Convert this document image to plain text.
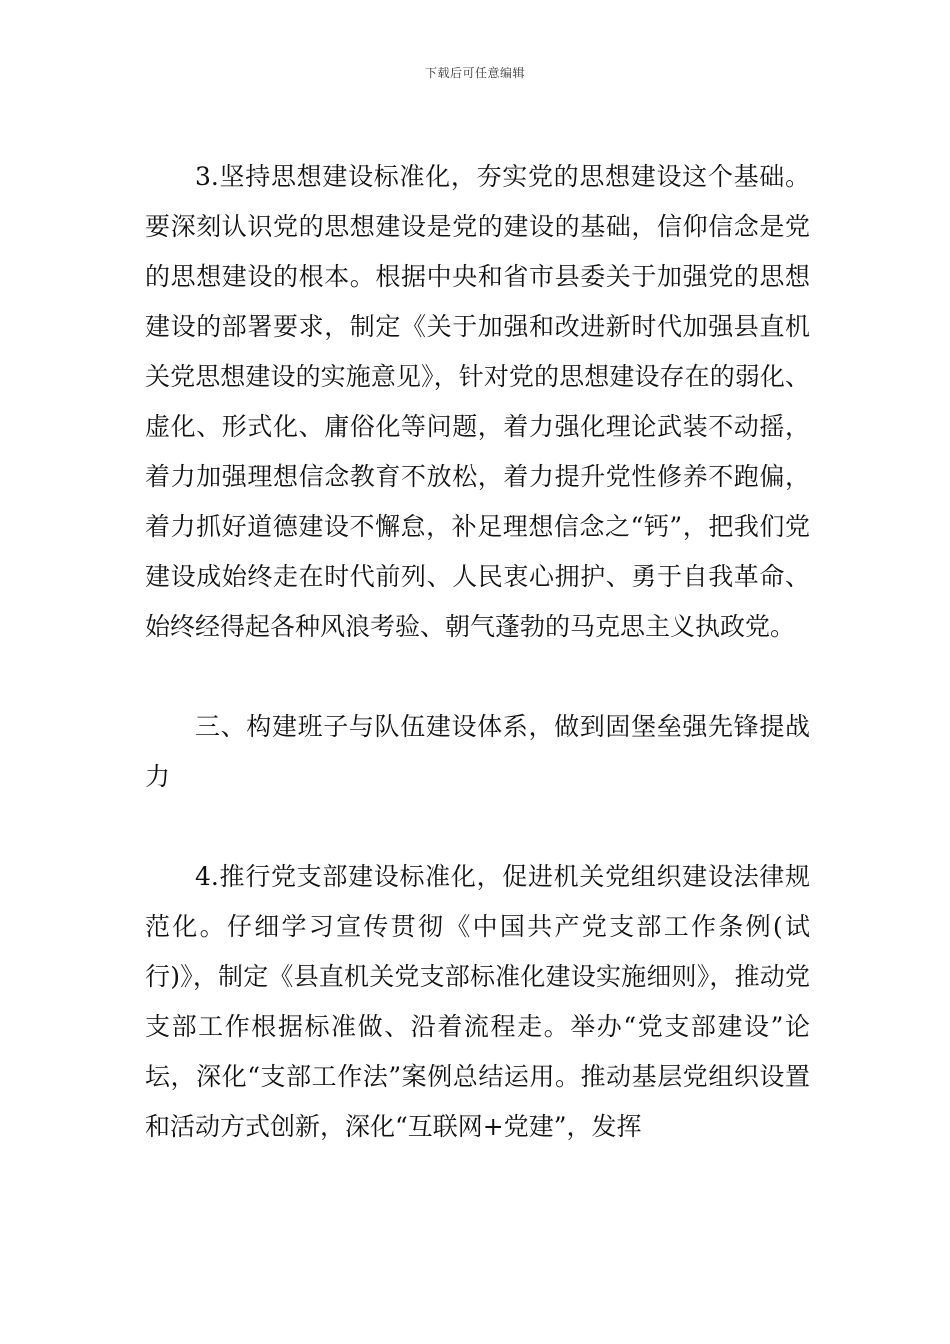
下载后可任意编辑

3.坚持思想建设标准化，夯实党的思想建设这个基础。要深刻认识党的思想建设是党的建设的基础，信仰信念是党的思想建设的根本。根据中央和省市县委关于加强党的思想建设的部署要求，制定《关于加强和改进新时代加强县直机关党思想建设的实施意见》，针对党的思想建设存在的弱化、虚化、形式化、庸俗化等问题，着力强化理论武装不动摇，着力加强理想信念教育不放松，着力提升党性修养不跑偏，着力抓好道德建设不懈怠，补足理想信念之“钙”，把我们党建设成始终走在时代前列、人民衷心拥护、勇于自我革命、始终经得起各种风浪考验、朝气蓬勃的马克思主义执政党。

三、构建班子与队伍建设体系，做到固堡垒强先锋提战力

4.推行党支部建设标准化，促进机关党组织建设法律规范化。仔细学习宣传贯彻《中国共产党支部工作条例(试行)》，制定《县直机关党支部标准化建设实施细则》，推动党支部工作根据标准做、沿着流程走。举办“党支部建设”论坛，深化“支部工作法”案例总结运用。推动基层党组织设置和活动方式创新，深化“互联网+党建”，发挥
